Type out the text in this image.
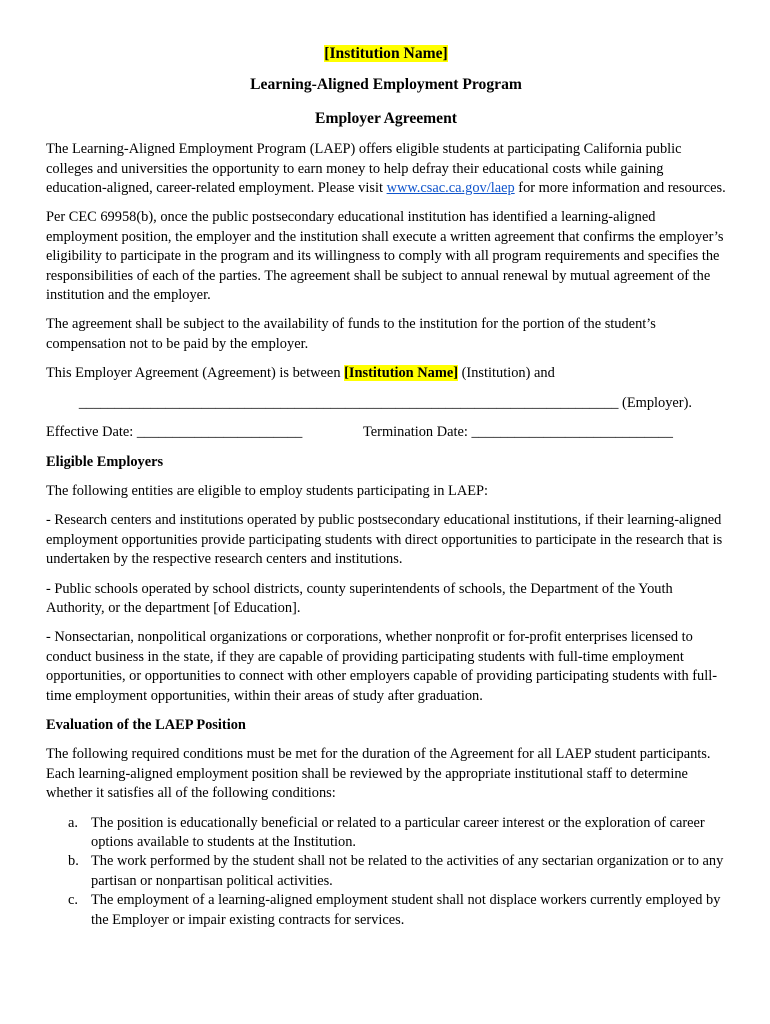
[Institution Name]
Learning-Aligned Employment Program
Employer Agreement

The Learning-Aligned Employment Program (LAEP) offers eligible students at participating California public colleges and universities the opportunity to earn money to help defray their educational costs while gaining education-aligned, career-related employment. Please visit www.csac.ca.gov/laep for more information and resources.

Per CEC 69958(b), once the public postsecondary educational institution has identified a learning-aligned employment position, the employer and the institution shall execute a written agreement that confirms the employer’s eligibility to participate in the program and its willingness to comply with all program requirements and specifies the responsibilities of each of the parties. The agreement shall be subject to annual renewal by mutual agreement of the institution and the employer.

The agreement shall be subject to the availability of funds to the institution for the portion of the student’s compensation not to be paid by the employer.

This Employer Agreement (Agreement) is between [Institution Name] (Institution) and

___________________________________________________________________________ (Employer).
Effective Date: _______________________	Termination Date: ____________________________
Eligible Employers

The following entities are eligible to employ students participating in LAEP:

- Research centers and institutions operated by public postsecondary educational institutions, if their learning-aligned employment opportunities provide participating students with direct opportunities to participate in the research that is undertaken by the respective research centers and institutions.

- Public schools operated by school districts, county superintendents of schools, the Department of the Youth Authority, or the department [of Education].

- Nonsectarian, nonpolitical organizations or corporations, whether nonprofit or for-profit enterprises licensed to conduct business in the state, if they are capable of providing participating students with full-time employment opportunities, or opportunities to connect with other employers capable of providing participating students with full-time employment opportunities, within their areas of study after graduation.

Evaluation of the LAEP Position

The following required conditions must be met for the duration of the Agreement for all LAEP student participants. Each learning-aligned employment position shall be reviewed by the appropriate institutional staff to determine whether it satisfies all of the following conditions:

a. The position is educationally beneficial or related to a particular career interest or the exploration of career options available to students at the Institution.
b. The work performed by the student shall not be related to the activities of any sectarian organization or to any partisan or nonpartisan political activities.
c. The employment of a learning-aligned employment student shall not displace workers currently employed by the Employer or impair existing contracts for services.
